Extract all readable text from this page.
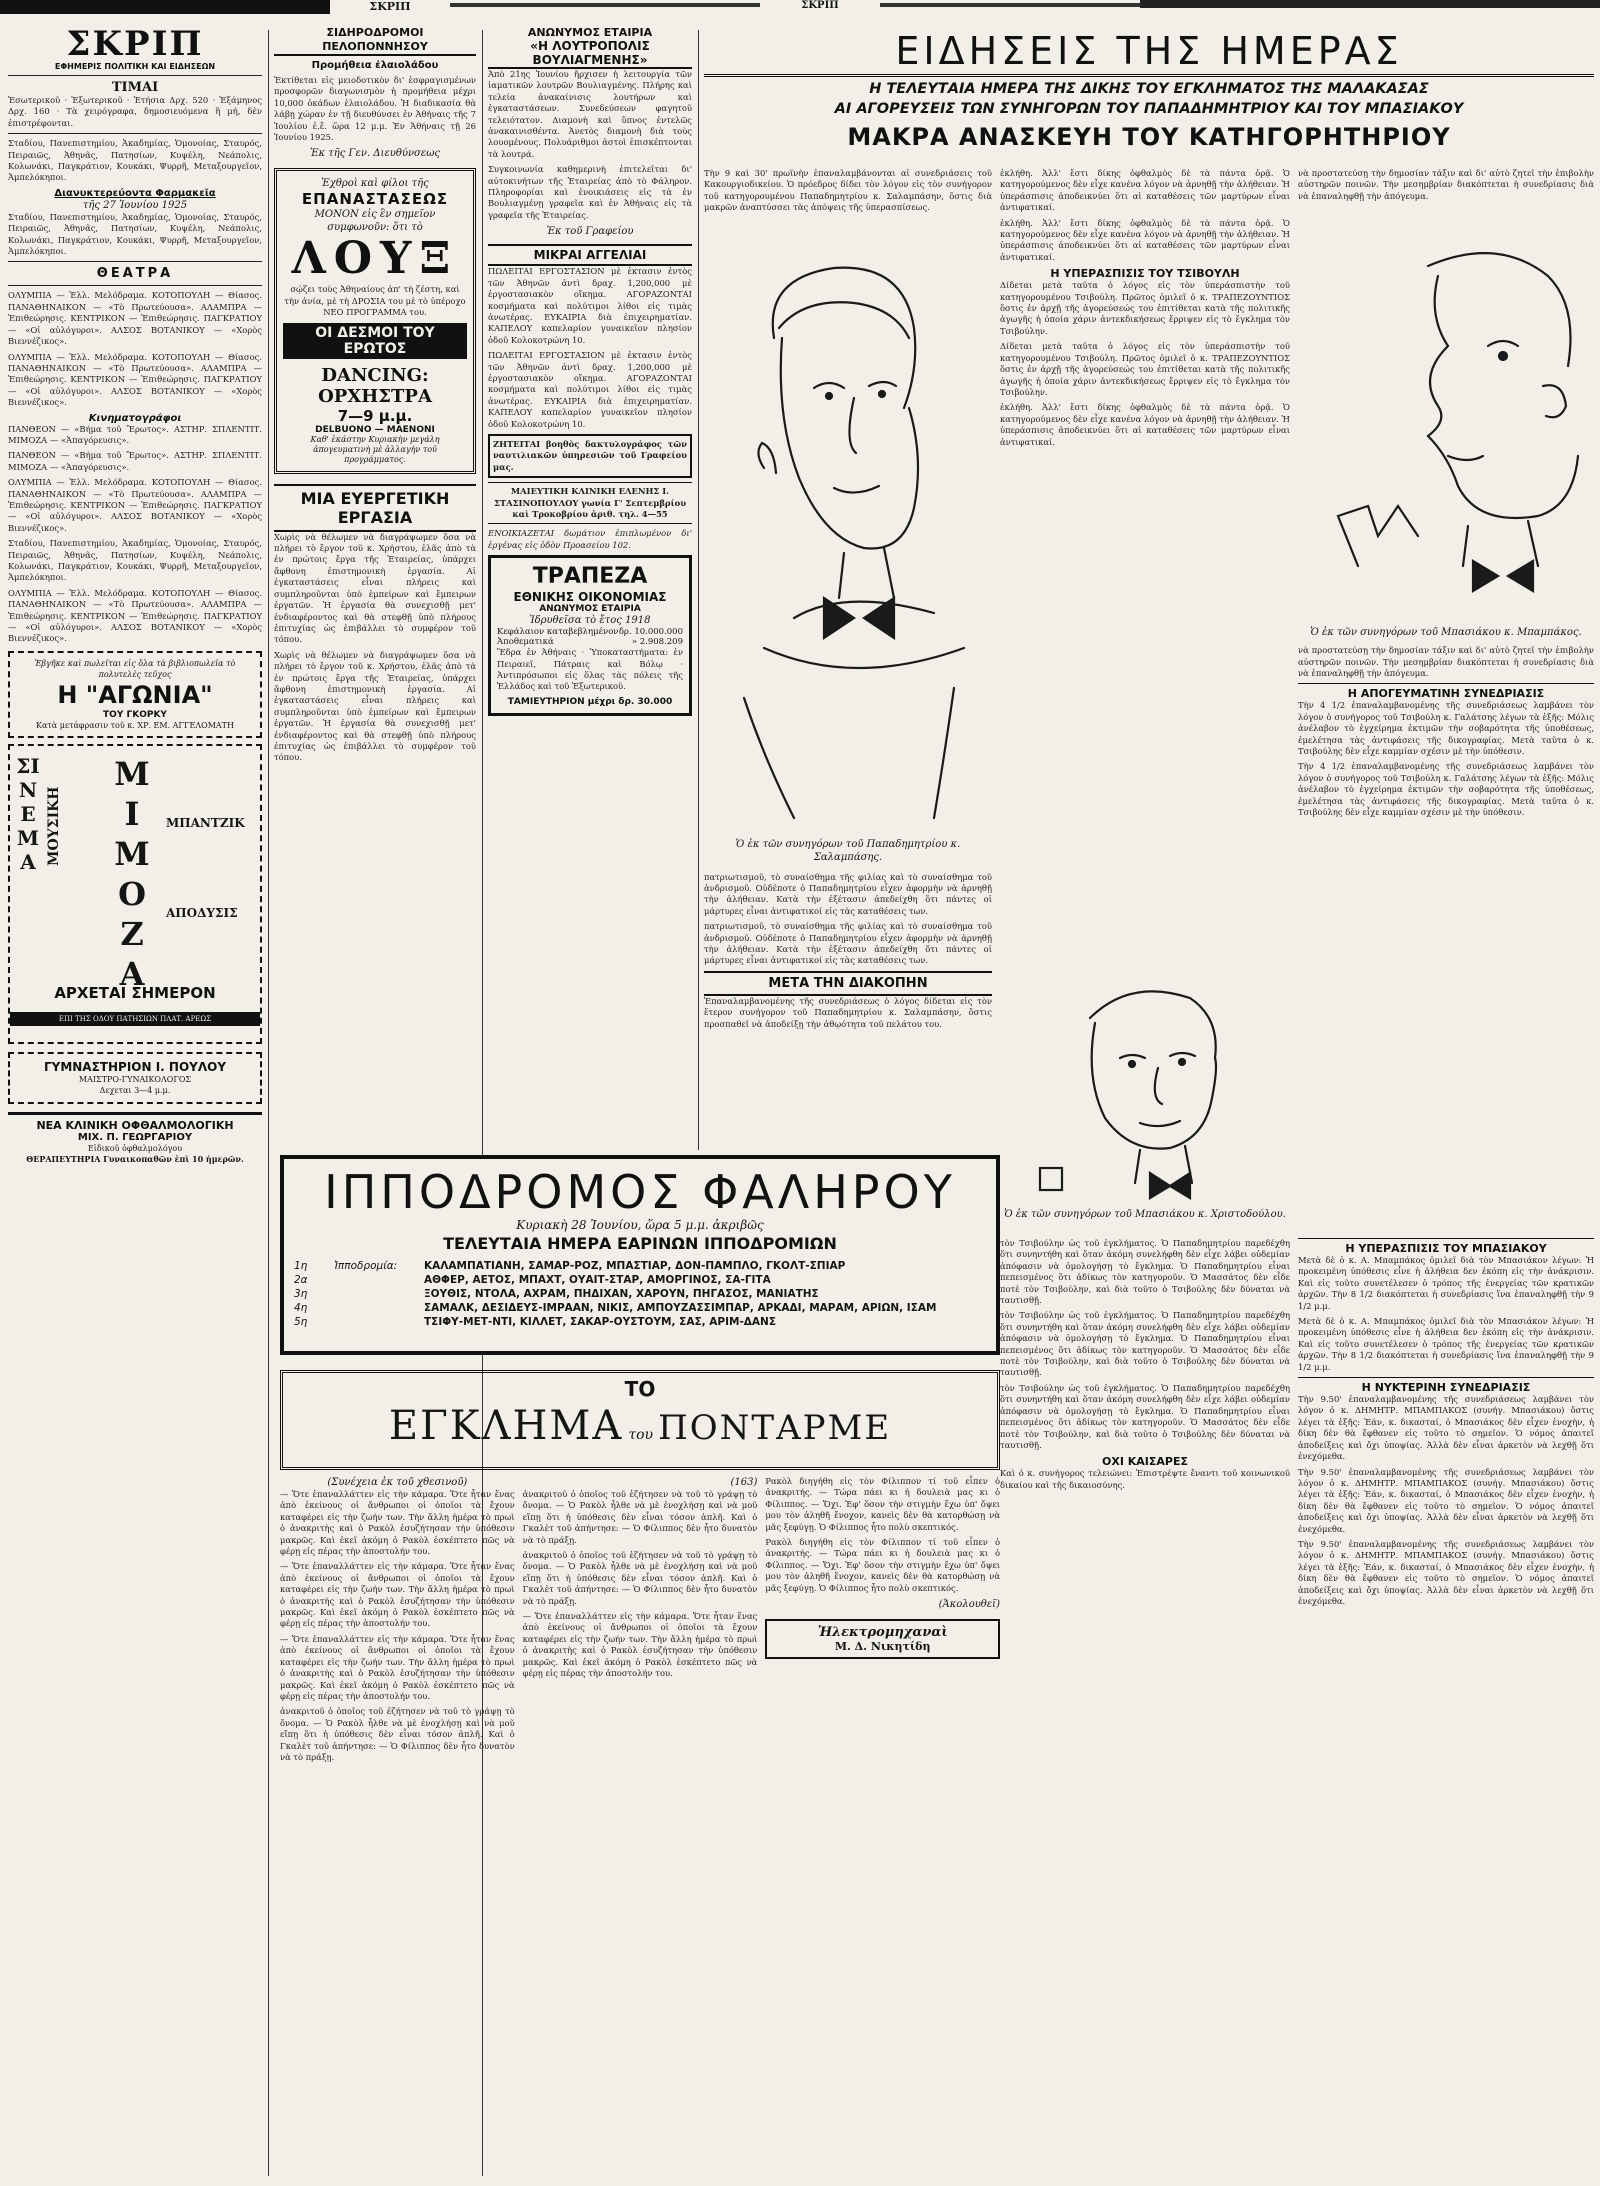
ΣΚΡΙΠ	ΣΚΡΙΠ
ΣΚΡΙΠ
ΕΦΗΜΕΡΙΣ ΠΟΛΙΤΙΚΗ ΚΑΙ ΕΙΔΗΣΕΩΝ
ΤΙΜΑΙ

Ἐσωτερικοῦ · Ἐξωτερικοῦ · Ἑτήσια Δρχ. 520 · Ἑξάμηνος Δρχ. 160 · Τὰ χειρόγραφα, δημοσιευόμενα ἢ μή, δὲν ἐπιστρέφονται.

Σταδίου, Πανεπιστημίου, Ἀκαδημίας, Ὁμονοίας, Σταυρός, Πειραιῶς, Ἀθηνᾶς, Πατησίων, Κυψέλη, Νεάπολις, Κολωνάκι, Παγκράτιον, Κουκάκι, Ψυρρῆ, Μεταξουργεῖον, Ἀμπελόκηποι.

Διανυκτερεύοντα Φαρμακεῖα
τῆς 27 Ἰουνίου 1925

Σταδίου, Πανεπιστημίου, Ἀκαδημίας, Ὁμονοίας, Σταυρός, Πειραιῶς, Ἀθηνᾶς, Πατησίων, Κυψέλη, Νεάπολις, Κολωνάκι, Παγκράτιον, Κουκάκι, Ψυρρῆ, Μεταξουργεῖον, Ἀμπελόκηποι.

ΘΕΑΤΡΑ

ΟΛΥΜΠΙΑ — Ἑλλ. Μελόδραμα. ΚΟΤΟΠΟΥΛΗ — Θίασος. ΠΑΝΑΘΗΝΑΙΚΟΝ — «Τὸ Πρωτεύουσα». ΑΛΑΜΠΡΑ — Ἐπιθεώρησις. ΚΕΝΤΡΙΚΟΝ — Ἐπιθεώρησις. ΠΑΓΚΡΑΤΙΟΥ — «Οἱ αὐλόγυροι». ΑΛΣΟΣ ΒΟΤΑΝΙΚΟΥ — «Χορὸς Βιεννέζικος».

ΟΛΥΜΠΙΑ — Ἑλλ. Μελόδραμα. ΚΟΤΟΠΟΥΛΗ — Θίασος. ΠΑΝΑΘΗΝΑΙΚΟΝ — «Τὸ Πρωτεύουσα». ΑΛΑΜΠΡΑ — Ἐπιθεώρησις. ΚΕΝΤΡΙΚΟΝ — Ἐπιθεώρησις. ΠΑΓΚΡΑΤΙΟΥ — «Οἱ αὐλόγυροι». ΑΛΣΟΣ ΒΟΤΑΝΙΚΟΥ — «Χορὸς Βιεννέζικος».

Κινηματογράφοι

ΠΑΝΘΕΟΝ — «Βήμα τοῦ Ἔρωτος». ΑΣΤΗΡ. ΣΠΛΕΝΤΙΤ. ΜΙΜΟΖΑ — «Ἀπαγόρευσις».

ΠΑΝΘΕΟΝ — «Βήμα τοῦ Ἔρωτος». ΑΣΤΗΡ. ΣΠΛΕΝΤΙΤ. ΜΙΜΟΖΑ — «Ἀπαγόρευσις».

ΟΛΥΜΠΙΑ — Ἑλλ. Μελόδραμα. ΚΟΤΟΠΟΥΛΗ — Θίασος. ΠΑΝΑΘΗΝΑΙΚΟΝ — «Τὸ Πρωτεύουσα». ΑΛΑΜΠΡΑ — Ἐπιθεώρησις. ΚΕΝΤΡΙΚΟΝ — Ἐπιθεώρησις. ΠΑΓΚΡΑΤΙΟΥ — «Οἱ αὐλόγυροι». ΑΛΣΟΣ ΒΟΤΑΝΙΚΟΥ — «Χορὸς Βιεννέζικος».

Σταδίου, Πανεπιστημίου, Ἀκαδημίας, Ὁμονοίας, Σταυρός, Πειραιῶς, Ἀθηνᾶς, Πατησίων, Κυψέλη, Νεάπολις, Κολωνάκι, Παγκράτιον, Κουκάκι, Ψυρρῆ, Μεταξουργεῖον, Ἀμπελόκηποι.

ΟΛΥΜΠΙΑ — Ἑλλ. Μελόδραμα. ΚΟΤΟΠΟΥΛΗ — Θίασος. ΠΑΝΑΘΗΝΑΙΚΟΝ — «Τὸ Πρωτεύουσα». ΑΛΑΜΠΡΑ — Ἐπιθεώρησις. ΚΕΝΤΡΙΚΟΝ — Ἐπιθεώρησις. ΠΑΓΚΡΑΤΙΟΥ — «Οἱ αὐλόγυροι». ΑΛΣΟΣ ΒΟΤΑΝΙΚΟΥ — «Χορὸς Βιεννέζικος».

Ἐβγῆκε καὶ πωλεῖται εἰς ὅλα τὰ βιβλιοπωλεῖα τὸ πολυτελὲς τεῦχος
Η "ΑΓΩΝΙΑ"
ΤΟΥ ΓΚΟΡΚΥ
Κατὰ μετάφρασιν τοῦ κ. ΧΡ. ΕΜ. ΑΓΓΕΛΟΜΑΤΗ
ΣΙΝΕΜΑ
ΜΙΜΟΖΑ
ΜΟΥΣΙΚΗ	ΜΠΑΝΤΖΙΚ
ΑΠΟΔΥΣΙΣ
ΑΡΧΕΤΑΙ ΣΗΜΕΡΟΝ
ΕΠΙ ΤΗΣ ΟΔΟΥ ΠΑΤΗΣΙΩΝ ΠΛΑΤ. ΑΡΕΩΣ
ΓΥΜΝΑΣΤΗΡΙΟΝ Ι. ΠΟΥΛΟΥ
ΜΑΙΣΤΡΟ-ΓΥΝΑΙΚΟΛΟΓΟΣ
Δεχεται 3—4 μ.μ.
ΝΕΑ ΚΛΙΝΙΚΗ ΟΦΘΑΛΜΟΛΟΓΙΚΗ
ΜΙΧ. Π. ΓΕΩΡΓΑΡΙΟΥ
Εἰδικοῦ ὀφθαλμολόγου
ΘΕΡΑΠΕΥΤΗΡΙΑ Γυναικοπαθῶν ἐπὶ 10 ἡμερῶν.
ΣΙΔΗΡΟΔΡΟΜΟΙ ΠΕΛΟΠΟΝΝΗΣΟΥ
Προμήθεια ἐλαιολάδου

Ἐκτίθεται εἰς μειοδοτικὸν δι' ἐσφραγισμένων προσφορῶν διαγωνισμὸν ἡ προμήθεια μέχρι 10,000 ὀκάδων ἐλαιολάδου. Ἡ διαδικασία θὰ λάβῃ χώραν ἐν τῇ διευθύνσει ἐν Ἀθήναις τῆς 7 Ἰουλίου ἐ.ἔ. ὥρα 12 μ.μ. Ἐν Ἀθήναις τῇ 26 Ἰουνίου 1925.

Ἐκ τῆς Γεν. Διευθύνσεως
Ἐχθροὶ καὶ φίλοι τῆς
ΕΠΑΝΑΣΤΑΣΕΩΣ
ΜΟΝΟΝ εἰς ἓν σημεῖον συμφωνοῦν: ὅτι τὸ
ΛΟΥΞ

σῴζει τοὺς Ἀθηναίους ἀπ' τὴ ζέστη, καὶ τὴν ἀνία, μὲ τὴ ΔΡΟΣΙΑ του μὲ τὸ ὑπέροχο ΝΕΟ ΠΡΟΓΡΑΜΜΑ του.

ΟΙ ΔΕΣΜΟΙ ΤΟΥ ΕΡΩΤΟΣ
DANCING: ΟΡΧΗΣΤΡΑ
7—9 μ.μ.
DELBUONO — MAENONI
Καθ' ἑκάστην Κυριακὴν μεγάλη ἀπογευματινὴ μὲ ἀλλαγὴν τοῦ προγράμματος.
ΜΙΑ ΕΥΕΡΓΕΤΙΚΗ ΕΡΓΑΣΙΑ

Χωρὶς νὰ θέλωμεν νὰ διαγράψωμεν ὅσα νὰ πλήρει τὸ ἔργον τοῦ κ. Χρήστου, ἐλᾶς ἀπὸ τὰ ἐν πρώτοις ἔργα τῆς Ἑταιρείας, ὑπάρχει ἄφθονη ἐπιστημονικὴ ἐργασία. Αἱ ἐγκαταστάσεις εἶναι πλήρεις καὶ συμπληροῦνται ὑπὸ ἐμπείρων καὶ ἔμπειρων ἐργατῶν. Ἡ ἐργασία θὰ συνεχισθῇ μετ' ἐνδιαφέροντος καὶ θὰ στεφθῇ ὑπὸ πλήρους ἐπιτυχίας ὡς ἐπιβάλλει τὸ συμφέρον τοῦ τόπου.

Χωρὶς νὰ θέλωμεν νὰ διαγράψωμεν ὅσα νὰ πλήρει τὸ ἔργον τοῦ κ. Χρήστου, ἐλᾶς ἀπὸ τὰ ἐν πρώτοις ἔργα τῆς Ἑταιρείας, ὑπάρχει ἄφθονη ἐπιστημονικὴ ἐργασία. Αἱ ἐγκαταστάσεις εἶναι πλήρεις καὶ συμπληροῦνται ὑπὸ ἐμπείρων καὶ ἔμπειρων ἐργατῶν. Ἡ ἐργασία θὰ συνεχισθῇ μετ' ἐνδιαφέροντος καὶ θὰ στεφθῇ ὑπὸ πλήρους ἐπιτυχίας ὡς ἐπιβάλλει τὸ συμφέρον τοῦ τόπου.

ΑΝΩΝΥΜΟΣ ΕΤΑΙΡΙΑ
«Η ΛΟΥΤΡΟΠΟΛΙΣ ΒΟΥΛΙΑΓΜΕΝΗΣ»

Ἀπὸ 21ης Ἰουνίου ἤρχισεν ἡ λειτουργία τῶν ἰαματικῶν λουτρῶν Βουλιαγμένης. Πλήρης καὶ τελεία ἀνακαίνισις λουτήρων καὶ ἐγκαταστάσεων. Συνεδεύσεων φαγητοῦ τελειότατον. Διαμονὴ καὶ ὕπνος ἐντελῶς ἀνακαινισθέντα. Ἀνετὸς διαμονὴ διὰ τοὺς λουομένους. Πολυάριθμοι ἀστοὶ ἐπισκέπτονται τὰ λουτρά.

Συγκοινωνία καθημερινὴ ἐπιτελεῖται δι' αὐτοκινήτων τῆς Ἑταιρείας ἀπὸ τὸ Φάληρον. Πληροφορίαι καὶ ἐνοικιάσεις εἰς τὰ ἐν Βουλιαγμένῃ γραφεῖα καὶ ἐν Ἀθήναις εἰς τὰ γραφεῖα τῆς Ἑταιρείας.

Ἐκ τοῦ Γραφείου
ΜΙΚΡΑΙ ΑΓΓΕΛΙΑΙ

ΠΩΛΕΙΤΑΙ ΕΡΓΟΣΤΑΣΙΟΝ μὲ ἐκτασιν ἐντὸς τῶν Ἀθηνῶν ἀντὶ δραχ. 1,200,000 μὲ ἐργοστασιακὸν οἴκημα. ΑΓΟΡΑΖΟΝΤΑΙ κοσμήματα καὶ πολύτιμοι λίθοι εἰς τιμὰς ἀνωτέρας. ΕΥΚΑΙΡΙΑ διὰ ἐπιχειρηματίαν. ΚΑΠΕΛΟΥ καπελαρίον γυναικεῖον πλησίον ὁδοῦ Κολοκοτρώνη 10.

ΠΩΛΕΙΤΑΙ ΕΡΓΟΣΤΑΣΙΟΝ μὲ ἐκτασιν ἐντὸς τῶν Ἀθηνῶν ἀντὶ δραχ. 1,200,000 μὲ ἐργοστασιακὸν οἴκημα. ΑΓΟΡΑΖΟΝΤΑΙ κοσμήματα καὶ πολύτιμοι λίθοι εἰς τιμὰς ἀνωτέρας. ΕΥΚΑΙΡΙΑ διὰ ἐπιχειρηματίαν. ΚΑΠΕΛΟΥ καπελαρίον γυναικεῖον πλησίον ὁδοῦ Κολοκοτρώνη 10.

ΖΗΤΕΙΤΑΙ βοηθὸς δακτυλογράφος τῶν ναυτιλιακῶν ὑπηρεσιῶν τοῦ Γραφείου μας.

ΜΑΙΕΥΤΙΚΗ ΚΛΙΝΙΚΗ ΕΛΕΝΗΣ Ι. ΣΤΑΣΙΝΟΠΟΥΛΟΥ γωνία Γ' Σεπτεμβρίου καὶ Τροκοβρίου ἀριθ. τηλ. 4—55

ΕΝΟΙΚΙΑΖΕΤΑΙ δωμάτιον ἐπιπλωμένον δι' ἐργένας εἰς ὁδὸν Προασείου 102.

ΤΡΑΠΕΖΑ
ΕΘΝΙΚΗΣ ΟΙΚΟΝΟΜΙΑΣ
ΑΝΩΝΥΜΟΣ ΕΤΑΙΡΙΑ
Ἱδρυθεῖσα τὸ ἔτος 1918
Κεφάλαιον καταβεβλημένον δρ. 10.000.000
Ἀποθεματικά	» 2.908.209

Ἕδρα ἐν Ἀθήναις · Ὑποκαταστήματα: ἐν Πειραιεῖ, Πάτραις καὶ Βόλῳ · Ἀντιπρόσωποι εἰς ὅλας τὰς πόλεις τῆς Ἑλλάδος καὶ τοῦ Ἐξωτερικοῦ.

ΤΑΜΙΕΥΤΗΡΙΟΝ μέχρι δρ. 30.000
ΕΙΔΗΣΕΙΣ ΤΗΣ ΗΜΕΡΑΣ
Η ΤΕΛΕΥΤΑΙΑ ΗΜΕΡΑ ΤΗΣ ΔΙΚΗΣ ΤΟΥ ΕΓΚΛΗΜΑΤΟΣ ΤΗΣ ΜΑΛΑΚΑΣΑΣ
ΑΙ ΑΓΟΡΕΥΣΕΙΣ ΤΩΝ ΣΥΝΗΓΟΡΩΝ ΤΟΥ ΠΑΠΑΔΗΜΗΤΡΙΟΥ ΚΑΙ ΤΟΥ ΜΠΑΣΙΑΚΟΥ
ΜΑΚΡΑ ΑΝΑΣΚΕΥΗ ΤΟΥ ΚΑΤΗΓΟΡΗΤΗΡΙΟΥ

Τὴν 9 καὶ 30' πρωϊνὴν ἐπαναλαμβάνονται αἱ συνεδριάσεις τοῦ Κακουργιοδικείου. Ὁ πρόεδρος δίδει τὸν λόγον εἰς τὸν συνήγορον τοῦ κατηγορουμένου Παπαδημητρίου κ. Σαλαμπάσην, ὅστις διὰ μακρῶν ἀναπτύσσει τὰς ἀπόψεις τῆς ὑπερασπίσεως.

Ὁ ἐκ τῶν συνηγόρων τοῦ Παπαδημητρίου κ. Σαλαμπάσης.

πατριωτισμοῦ, τὸ συναίσθημα τῆς φιλίας καὶ τὸ συναίσθημα τοῦ ἀνδρισμοῦ. Οὐδέποτε ὁ Παπαδημητρίου εἶχεν ἀφορμὴν νὰ ἀρνηθῇ τὴν ἀλήθειαν. Κατὰ τὴν ἐξέτασιν ἀπεδείχθη ὅτι πάντες οἱ μάρτυρες εἶναι ἀντιφατικοί εἰς τὰς καταθέσεις των.

πατριωτισμοῦ, τὸ συναίσθημα τῆς φιλίας καὶ τὸ συναίσθημα τοῦ ἀνδρισμοῦ. Οὐδέποτε ὁ Παπαδημητρίου εἶχεν ἀφορμὴν νὰ ἀρνηθῇ τὴν ἀλήθειαν. Κατὰ τὴν ἐξέτασιν ἀπεδείχθη ὅτι πάντες οἱ μάρτυρες εἶναι ἀντιφατικοί εἰς τὰς καταθέσεις των.

ΜΕΤΑ ΤΗΝ ΔΙΑΚΟΠΗΝ

Ἐπαναλαμβανομένης τῆς συνεδριάσεως ὁ λόγος δίδεται εἰς τὸν ἕτερον συνήγορον τοῦ Παπαδημητρίου κ. Σαλαμπάσην, ὅστις προσπαθεῖ νὰ ἀποδείξῃ τὴν ἀθῳότητα τοῦ πελάτου του.

ἐκλήθη. Ἀλλ' ἔστι δίκης ὀφθαλμὸς δὲ τὰ πάντα ὁρᾷ. Ὁ κατηγορούμενος δὲν εἶχε κανένα λόγον νὰ ἀρνηθῇ τὴν ἀλήθειαν. Ἡ ὑπεράσπισις ἀποδεικνύει ὅτι αἱ καταθέσεις τῶν μαρτύρων εἶναι ἀντιφατικαί.

ἐκλήθη. Ἀλλ' ἔστι δίκης ὀφθαλμὸς δὲ τὰ πάντα ὁρᾷ. Ὁ κατηγορούμενος δὲν εἶχε κανένα λόγον νὰ ἀρνηθῇ τὴν ἀλήθειαν. Ἡ ὑπεράσπισις ἀποδεικνύει ὅτι αἱ καταθέσεις τῶν μαρτύρων εἶναι ἀντιφατικαί.

Η ΥΠΕΡΑΣΠΙΣΙΣ ΤΟΥ ΤΣΙΒΟΥΛΗ

Δίδεται μετὰ ταῦτα ὁ λόγος εἰς τὸν ὑπεράσπιστὴν τοῦ κατηγορουμένου Τσιβούλη. Πρῶτος ὁμιλεῖ ὁ κ. ΤΡΑΠΕΖΟΥΝΤΙΟΣ ὅστις ἐν ἀρχῇ τῆς ἀγορεύσεώς του ἐπιτίθεται κατὰ τῆς πολιτικῆς ἀγωγῆς ἡ ὁποία χάριν ἀντεκδικήσεως ἔρριψεν εἰς τὸ ἔγκλημα τὸν Τσιβούλην.

Δίδεται μετὰ ταῦτα ὁ λόγος εἰς τὸν ὑπεράσπιστὴν τοῦ κατηγορουμένου Τσιβούλη. Πρῶτος ὁμιλεῖ ὁ κ. ΤΡΑΠΕΖΟΥΝΤΙΟΣ ὅστις ἐν ἀρχῇ τῆς ἀγορεύσεώς του ἐπιτίθεται κατὰ τῆς πολιτικῆς ἀγωγῆς ἡ ὁποία χάριν ἀντεκδικήσεως ἔρριψεν εἰς τὸ ἔγκλημα τὸν Τσιβούλην.

ἐκλήθη. Ἀλλ' ἔστι δίκης ὀφθαλμὸς δὲ τὰ πάντα ὁρᾷ. Ὁ κατηγορούμενος δὲν εἶχε κανένα λόγον νὰ ἀρνηθῇ τὴν ἀλήθειαν. Ἡ ὑπεράσπισις ἀποδεικνύει ὅτι αἱ καταθέσεις τῶν μαρτύρων εἶναι ἀντιφατικαί.

νὰ προστατεύσῃ τὴν δημοσίαν τάξιν καὶ δι' αὐτὸ ζητεῖ τὴν ἐπιβολὴν αὐστηρῶν ποινῶν. Τὴν μεσημβρίαν διακόπτεται ἡ συνεδρίασις διὰ νὰ ἐπαναληφθῇ τὴν ἀπόγευμα.

Ὁ ἐκ τῶν συνηγόρων τοῦ Μπασιάκου κ. Μπαμπάκος.

νὰ προστατεύσῃ τὴν δημοσίαν τάξιν καὶ δι' αὐτὸ ζητεῖ τὴν ἐπιβολὴν αὐστηρῶν ποινῶν. Τὴν μεσημβρίαν διακόπτεται ἡ συνεδρίασις διὰ νὰ ἐπαναληφθῇ τὴν ἀπόγευμα.

Η ΑΠΟΓΕΥΜΑΤΙΝΗ ΣΥΝΕΔΡΙΑΣΙΣ

Τὴν 4 1/2 ἐπαναλαμβανομένης τῆς συνεδριάσεως λαμβάνει τὸν λόγον ὁ συνήγορος τοῦ Τσιβούλη κ. Γαλάτσης λέγων τὰ ἑξῆς: Μόλις ἀνέλαβον τὸ ἐγχείρημα ἐκτιμῶν τὴν σοβαρότητα τῆς ὑποθέσεως, ἐμελέτησα τὰς ἀντιφάσεις τῆς δικογραφίας. Μετὰ ταῦτα ὁ κ. Τσιβούλης δὲν εἶχε καμμίαν σχέσιν μὲ τὴν ὑπόθεσιν.

Τὴν 4 1/2 ἐπαναλαμβανομένης τῆς συνεδριάσεως λαμβάνει τὸν λόγον ὁ συνήγορος τοῦ Τσιβούλη κ. Γαλάτσης λέγων τὰ ἑξῆς: Μόλις ἀνέλαβον τὸ ἐγχείρημα ἐκτιμῶν τὴν σοβαρότητα τῆς ὑποθέσεως, ἐμελέτησα τὰς ἀντιφάσεις τῆς δικογραφίας. Μετὰ ταῦτα ὁ κ. Τσιβούλης δὲν εἶχε καμμίαν σχέσιν μὲ τὴν ὑπόθεσιν.

Ὁ ἐκ τῶν συνηγόρων τοῦ Μπασιάκου κ. Χριστοδούλου.

τὸν Τσιβούλην ὡς τοῦ ἐγκλήματος. Ὁ Παπαδημητρίου παρεδέχθη ὅτι συνηντήθη καὶ ὅταν ἀκόμη συνελήφθη δὲν εἶχε λάβει οὐδεμίαν ἀπόφασιν νὰ ὁμολογήσῃ τὸ ἔγκλημα. Ὁ Παπαδημητρίου εἶναι πεπεισμένος ὅτι ἀδίκως τὸν κατηγοροῦν. Ὁ Μασσάτος δὲν εἶδε ποτὲ τὸν Τσιβούλην, καὶ διὰ τοῦτο ὁ Τσιβούλης δὲν δύναται νὰ ταυτισθῇ.

τὸν Τσιβούλην ὡς τοῦ ἐγκλήματος. Ὁ Παπαδημητρίου παρεδέχθη ὅτι συνηντήθη καὶ ὅταν ἀκόμη συνελήφθη δὲν εἶχε λάβει οὐδεμίαν ἀπόφασιν νὰ ὁμολογήσῃ τὸ ἔγκλημα. Ὁ Παπαδημητρίου εἶναι πεπεισμένος ὅτι ἀδίκως τὸν κατηγοροῦν. Ὁ Μασσάτος δὲν εἶδε ποτὲ τὸν Τσιβούλην, καὶ διὰ τοῦτο ὁ Τσιβούλης δὲν δύναται νὰ ταυτισθῇ.

τὸν Τσιβούλην ὡς τοῦ ἐγκλήματος. Ὁ Παπαδημητρίου παρεδέχθη ὅτι συνηντήθη καὶ ὅταν ἀκόμη συνελήφθη δὲν εἶχε λάβει οὐδεμίαν ἀπόφασιν νὰ ὁμολογήσῃ τὸ ἔγκλημα. Ὁ Παπαδημητρίου εἶναι πεπεισμένος ὅτι ἀδίκως τὸν κατηγοροῦν. Ὁ Μασσάτος δὲν εἶδε ποτὲ τὸν Τσιβούλην, καὶ διὰ τοῦτο ὁ Τσιβούλης δὲν δύναται νὰ ταυτισθῇ.

ΟΧΙ ΚΑΙΣΑΡΕΣ

Καὶ ὁ κ. συνήγορος τελειώνει: Ἐπιστρέψτε ἔναντι τοῦ κοινωνικοῦ δικαίου καὶ τῆς δικαιοσύνης.

Η ΥΠΕΡΑΣΠΙΣΙΣ ΤΟΥ ΜΠΑΣΙΑΚΟΥ

Μετὰ δὲ ὁ κ. Α. Μπαμπάκος ὁμιλεῖ διὰ τὸν Μπασιάκον λέγων: Ἡ προκειμένη ὑπόθεσις εἶνε ἡ ἀλήθεια δεν ἐκόπη εἰς τὴν ἀνάκρισιν. Καὶ εἰς τοῦτο συνετέλεσεν ὁ τρόπος τῆς ἐνεργείας τῶν κρατικῶν ἀρχῶν. Τὴν 8 1/2 διακόπτεται ἡ συνεδρίασις ἵνα ἐπαναληφθῇ τὴν 9 1/2 μ.μ.

Μετὰ δὲ ὁ κ. Α. Μπαμπάκος ὁμιλεῖ διὰ τὸν Μπασιάκον λέγων: Ἡ προκειμένη ὑπόθεσις εἶνε ἡ ἀλήθεια δεν ἐκόπη εἰς τὴν ἀνάκρισιν. Καὶ εἰς τοῦτο συνετέλεσεν ὁ τρόπος τῆς ἐνεργείας τῶν κρατικῶν ἀρχῶν. Τὴν 8 1/2 διακόπτεται ἡ συνεδρίασις ἵνα ἐπαναληφθῇ τὴν 9 1/2 μ.μ.

Η ΝΥΚΤΕΡΙΝΗ ΣΥΝΕΔΡΙΑΣΙΣ

Τὴν 9.50' ἐπαναλαμβανομένης τῆς συνεδριάσεως λαμβάνει τὸν λόγον ὁ κ. ΔΗΜΗΤΡ. ΜΠΑΜΠΑΚΟΣ (συνήγ. Μπασιάκου) ὅστις λέγει τὰ ἑξῆς: Ἐάν, κ. δικασταί, ὁ Μπασιάκος δὲν εἶχεν ἐνοχὴν, ἡ δίκη δὲν θὰ ἔφθανεν εἰς τοῦτο τὸ σημεῖον. Ὁ νόμος ἀπαιτεῖ ἀποδείξεις καὶ ὄχι ὑποψίας. Ἀλλὰ δὲν εἶναι ἀρκετὸν νὰ λεχθῇ ὅτι ἐνεχόμεθα.

Τὴν 9.50' ἐπαναλαμβανομένης τῆς συνεδριάσεως λαμβάνει τὸν λόγον ὁ κ. ΔΗΜΗΤΡ. ΜΠΑΜΠΑΚΟΣ (συνήγ. Μπασιάκου) ὅστις λέγει τὰ ἑξῆς: Ἐάν, κ. δικασταί, ὁ Μπασιάκος δὲν εἶχεν ἐνοχὴν, ἡ δίκη δὲν θὰ ἔφθανεν εἰς τοῦτο τὸ σημεῖον. Ὁ νόμος ἀπαιτεῖ ἀποδείξεις καὶ ὄχι ὑποψίας. Ἀλλὰ δὲν εἶναι ἀρκετὸν νὰ λεχθῇ ὅτι ἐνεχόμεθα.

Τὴν 9.50' ἐπαναλαμβανομένης τῆς συνεδριάσεως λαμβάνει τὸν λόγον ὁ κ. ΔΗΜΗΤΡ. ΜΠΑΜΠΑΚΟΣ (συνήγ. Μπασιάκου) ὅστις λέγει τὰ ἑξῆς: Ἐάν, κ. δικασταί, ὁ Μπασιάκος δὲν εἶχεν ἐνοχὴν, ἡ δίκη δὲν θὰ ἔφθανεν εἰς τοῦτο τὸ σημεῖον. Ὁ νόμος ἀπαιτεῖ ἀποδείξεις καὶ ὄχι ὑποψίας. Ἀλλὰ δὲν εἶναι ἀρκετὸν νὰ λεχθῇ ὅτι ἐνεχόμεθα.

ΙΠΠΟΔΡΟΜΟΣ ΦΑΛΗΡΟΥ
Κυριακὴ 28 Ἰουνίου, ὥρα 5 μ.μ. ἀκριβῶς
ΤΕΛΕΥΤΑΙΑ ΗΜΕΡΑ ΕΑΡΙΝΩΝ ΙΠΠΟΔΡΟΜΙΩΝ
1η	Ἱπποδρομία:	ΚΑΛΑΜΠΑΤΙΑΝΗ, ΣΑΜΑΡ-ΡΟΖ, ΜΠΑΣΤΙΑΡ, ΔΟΝ-ΠΑΜΠΛΟ, ΓΚΟΛΤ-ΣΠΙΑΡ
2α	ΑΘΦΕΡ, ΑΕΤΟΣ, ΜΠΑΧΤ, ΟΥΑΙΤ-ΣΤΑΡ, ΑΜΟΡΓΙΝΟΣ, ΣΑ-ΓΙΤΑ
3η	ΞΟΥΘΙΣ, ΝΤΟΛΑ, ΑΧΡΑΜ, ΠΗΔΙΧΑΝ, ΧΑΡΟΥΝ, ΠΗΓΑΣΟΣ, ΜΑΝΙΑΤΗΣ
4η	ΣΑΜΑΛΚ, ΔΕΣΙΔΕΥΣ-ΙΜΡΑΑΝ, ΝΙΚΙΣ, ΑΜΠΟΥΖΑΣΣΙΜΠΑΡ, ΑΡΚΑΔΙ, ΜΑΡΑΜ, ΑΡΙΩΝ, ΙΣΑΜ
5η	ΤΣΙΦΥ-ΜΕΤ-ΝΤΙ, ΚΙΛΛΕΤ, ΣΑΚΑΡ-ΟΥΣΤΟΥΜ, ΣΑΣ, ΑΡΙΜ-ΔΑΝΣ
ΤΟ
ΕΓΚΛΗΜΑ του ΠΟΝΤΑΡΜΕ
(Συνέχεια ἐκ τοῦ χθεσινοῦ)

— Ὅτε ἐπαναλλάττεν εἰς τὴν κάμαρα. Ὅτε ἦταν ἕνας ἀπὸ ἐκείνους οἱ ἄνθρωποι οἱ ὁποῖοι τὰ ἔχουν καταφέρει εἰς τὴν ζωήν των. Τὴν ἄλλη ἡμέρα τὸ πρωὶ ὁ ἀνακριτὴς καὶ ὁ Ρακὸλ ἐσυζήτησαν τὴν ὑπόθεσιν μακρῶς. Καὶ ἐκεῖ ἀκόμη ὁ Ρακὸλ ἐσκέπτετο πῶς νὰ φέρῃ εἰς πέρας τὴν ἀποστολήν του.

— Ὅτε ἐπαναλλάττεν εἰς τὴν κάμαρα. Ὅτε ἦταν ἕνας ἀπὸ ἐκείνους οἱ ἄνθρωποι οἱ ὁποῖοι τὰ ἔχουν καταφέρει εἰς τὴν ζωήν των. Τὴν ἄλλη ἡμέρα τὸ πρωὶ ὁ ἀνακριτὴς καὶ ὁ Ρακὸλ ἐσυζήτησαν τὴν ὑπόθεσιν μακρῶς. Καὶ ἐκεῖ ἀκόμη ὁ Ρακὸλ ἐσκέπτετο πῶς νὰ φέρῃ εἰς πέρας τὴν ἀποστολήν του.

— Ὅτε ἐπαναλλάττεν εἰς τὴν κάμαρα. Ὅτε ἦταν ἕνας ἀπὸ ἐκείνους οἱ ἄνθρωποι οἱ ὁποῖοι τὰ ἔχουν καταφέρει εἰς τὴν ζωήν των. Τὴν ἄλλη ἡμέρα τὸ πρωὶ ὁ ἀνακριτὴς καὶ ὁ Ρακὸλ ἐσυζήτησαν τὴν ὑπόθεσιν μακρῶς. Καὶ ἐκεῖ ἀκόμη ὁ Ρακὸλ ἐσκέπτετο πῶς νὰ φέρῃ εἰς πέρας τὴν ἀποστολήν του.

ἀνακριτοῦ ὁ ὁποῖος τοῦ ἐζήτησεν νὰ τοῦ τὸ γράψῃ τὸ ὄνομα. — Ὁ Ρακὸλ ἦλθε νὰ μὲ ἐνοχλήσῃ καὶ νὰ μοῦ εἴπῃ ὅτι ἡ ὑπόθεσις δὲν εἶναι τόσον ἁπλῆ. Καὶ ὁ Γκαλὲτ τοῦ ἀπήντησε: — Ὁ Φίλιππος δὲν ἦτο δυνατὸν νὰ τὸ πράξῃ.

(163)

ἀνακριτοῦ ὁ ὁποῖος τοῦ ἐζήτησεν νὰ τοῦ τὸ γράψῃ τὸ ὄνομα. — Ὁ Ρακὸλ ἦλθε νὰ μὲ ἐνοχλήσῃ καὶ νὰ μοῦ εἴπῃ ὅτι ἡ ὑπόθεσις δὲν εἶναι τόσον ἁπλῆ. Καὶ ὁ Γκαλὲτ τοῦ ἀπήντησε: — Ὁ Φίλιππος δὲν ἦτο δυνατὸν νὰ τὸ πράξῃ.

ἀνακριτοῦ ὁ ὁποῖος τοῦ ἐζήτησεν νὰ τοῦ τὸ γράψῃ τὸ ὄνομα. — Ὁ Ρακὸλ ἦλθε νὰ μὲ ἐνοχλήσῃ καὶ νὰ μοῦ εἴπῃ ὅτι ἡ ὑπόθεσις δὲν εἶναι τόσον ἁπλῆ. Καὶ ὁ Γκαλὲτ τοῦ ἀπήντησε: — Ὁ Φίλιππος δὲν ἦτο δυνατὸν νὰ τὸ πράξῃ.

— Ὅτε ἐπαναλλάττεν εἰς τὴν κάμαρα. Ὅτε ἦταν ἕνας ἀπὸ ἐκείνους οἱ ἄνθρωποι οἱ ὁποῖοι τὰ ἔχουν καταφέρει εἰς τὴν ζωήν των. Τὴν ἄλλη ἡμέρα τὸ πρωὶ ὁ ἀνακριτὴς καὶ ὁ Ρακὸλ ἐσυζήτησαν τὴν ὑπόθεσιν μακρῶς. Καὶ ἐκεῖ ἀκόμη ὁ Ρακὸλ ἐσκέπτετο πῶς νὰ φέρῃ εἰς πέρας τὴν ἀποστολήν του.

Ρακὸλ διηγήθη εἰς τὸν Φίλιππον τί τοῦ εἶπεν ὁ ἀνακριτής. — Τώρα πάει κι ἡ δουλειὰ μας κι ὁ Φίλιππος. — Ὄχι. Ἐφ' ὅσον τὴν στιγμὴν ἔχω ὑπ' ὄψει μου τὸν ἀληθῆ ἔνοχον, κανεὶς δὲν θὰ κατορθώσῃ νὰ μᾶς ξεφύγῃ. Ὁ Φίλιππος ἦτο πολὺ σκεπτικός.

Ρακὸλ διηγήθη εἰς τὸν Φίλιππον τί τοῦ εἶπεν ὁ ἀνακριτής. — Τώρα πάει κι ἡ δουλειὰ μας κι ὁ Φίλιππος. — Ὄχι. Ἐφ' ὅσον τὴν στιγμὴν ἔχω ὑπ' ὄψει μου τὸν ἀληθῆ ἔνοχον, κανεὶς δὲν θὰ κατορθώσῃ νὰ μᾶς ξεφύγῃ. Ὁ Φίλιππος ἦτο πολὺ σκεπτικός.

(Ἀκολουθεῖ)
Ἠλεκτρομηχαναὶ
Μ. Δ. Νικητίδη
